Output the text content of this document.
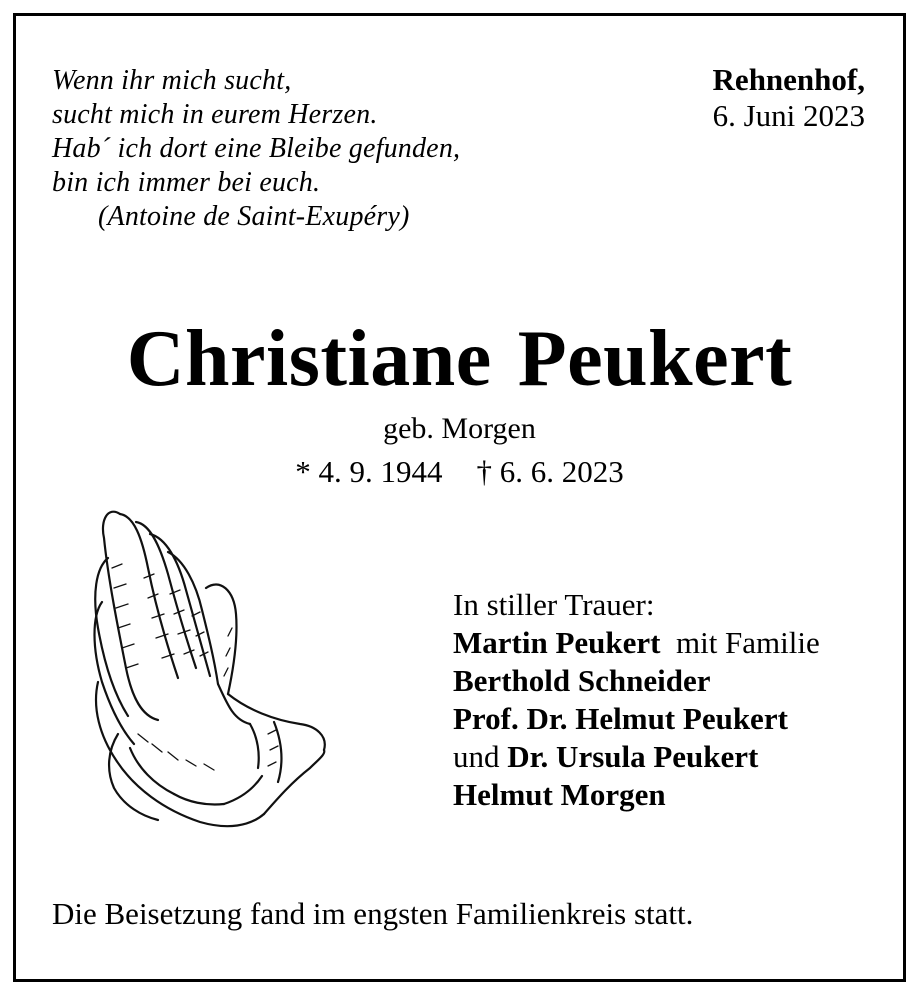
Wenn ihr mich sucht,
sucht mich in eurem Herzen.
Hab´ ich dort eine Bleibe gefunden,
bin ich immer bei euch.
(Antoine de Saint-Exupéry)
Rehnenhof,
6. Juni 2023
Christiane Peukert
geb. Morgen
* 4. 9. 1944 † 6. 6. 2023
In stiller Trauer:
Martin Peukert mit Familie
Berthold Schneider
Prof. Dr. Helmut Peukert
und Dr. Ursula Peukert
Helmut Morgen
Die Beisetzung fand im engsten Familienkreis statt.
